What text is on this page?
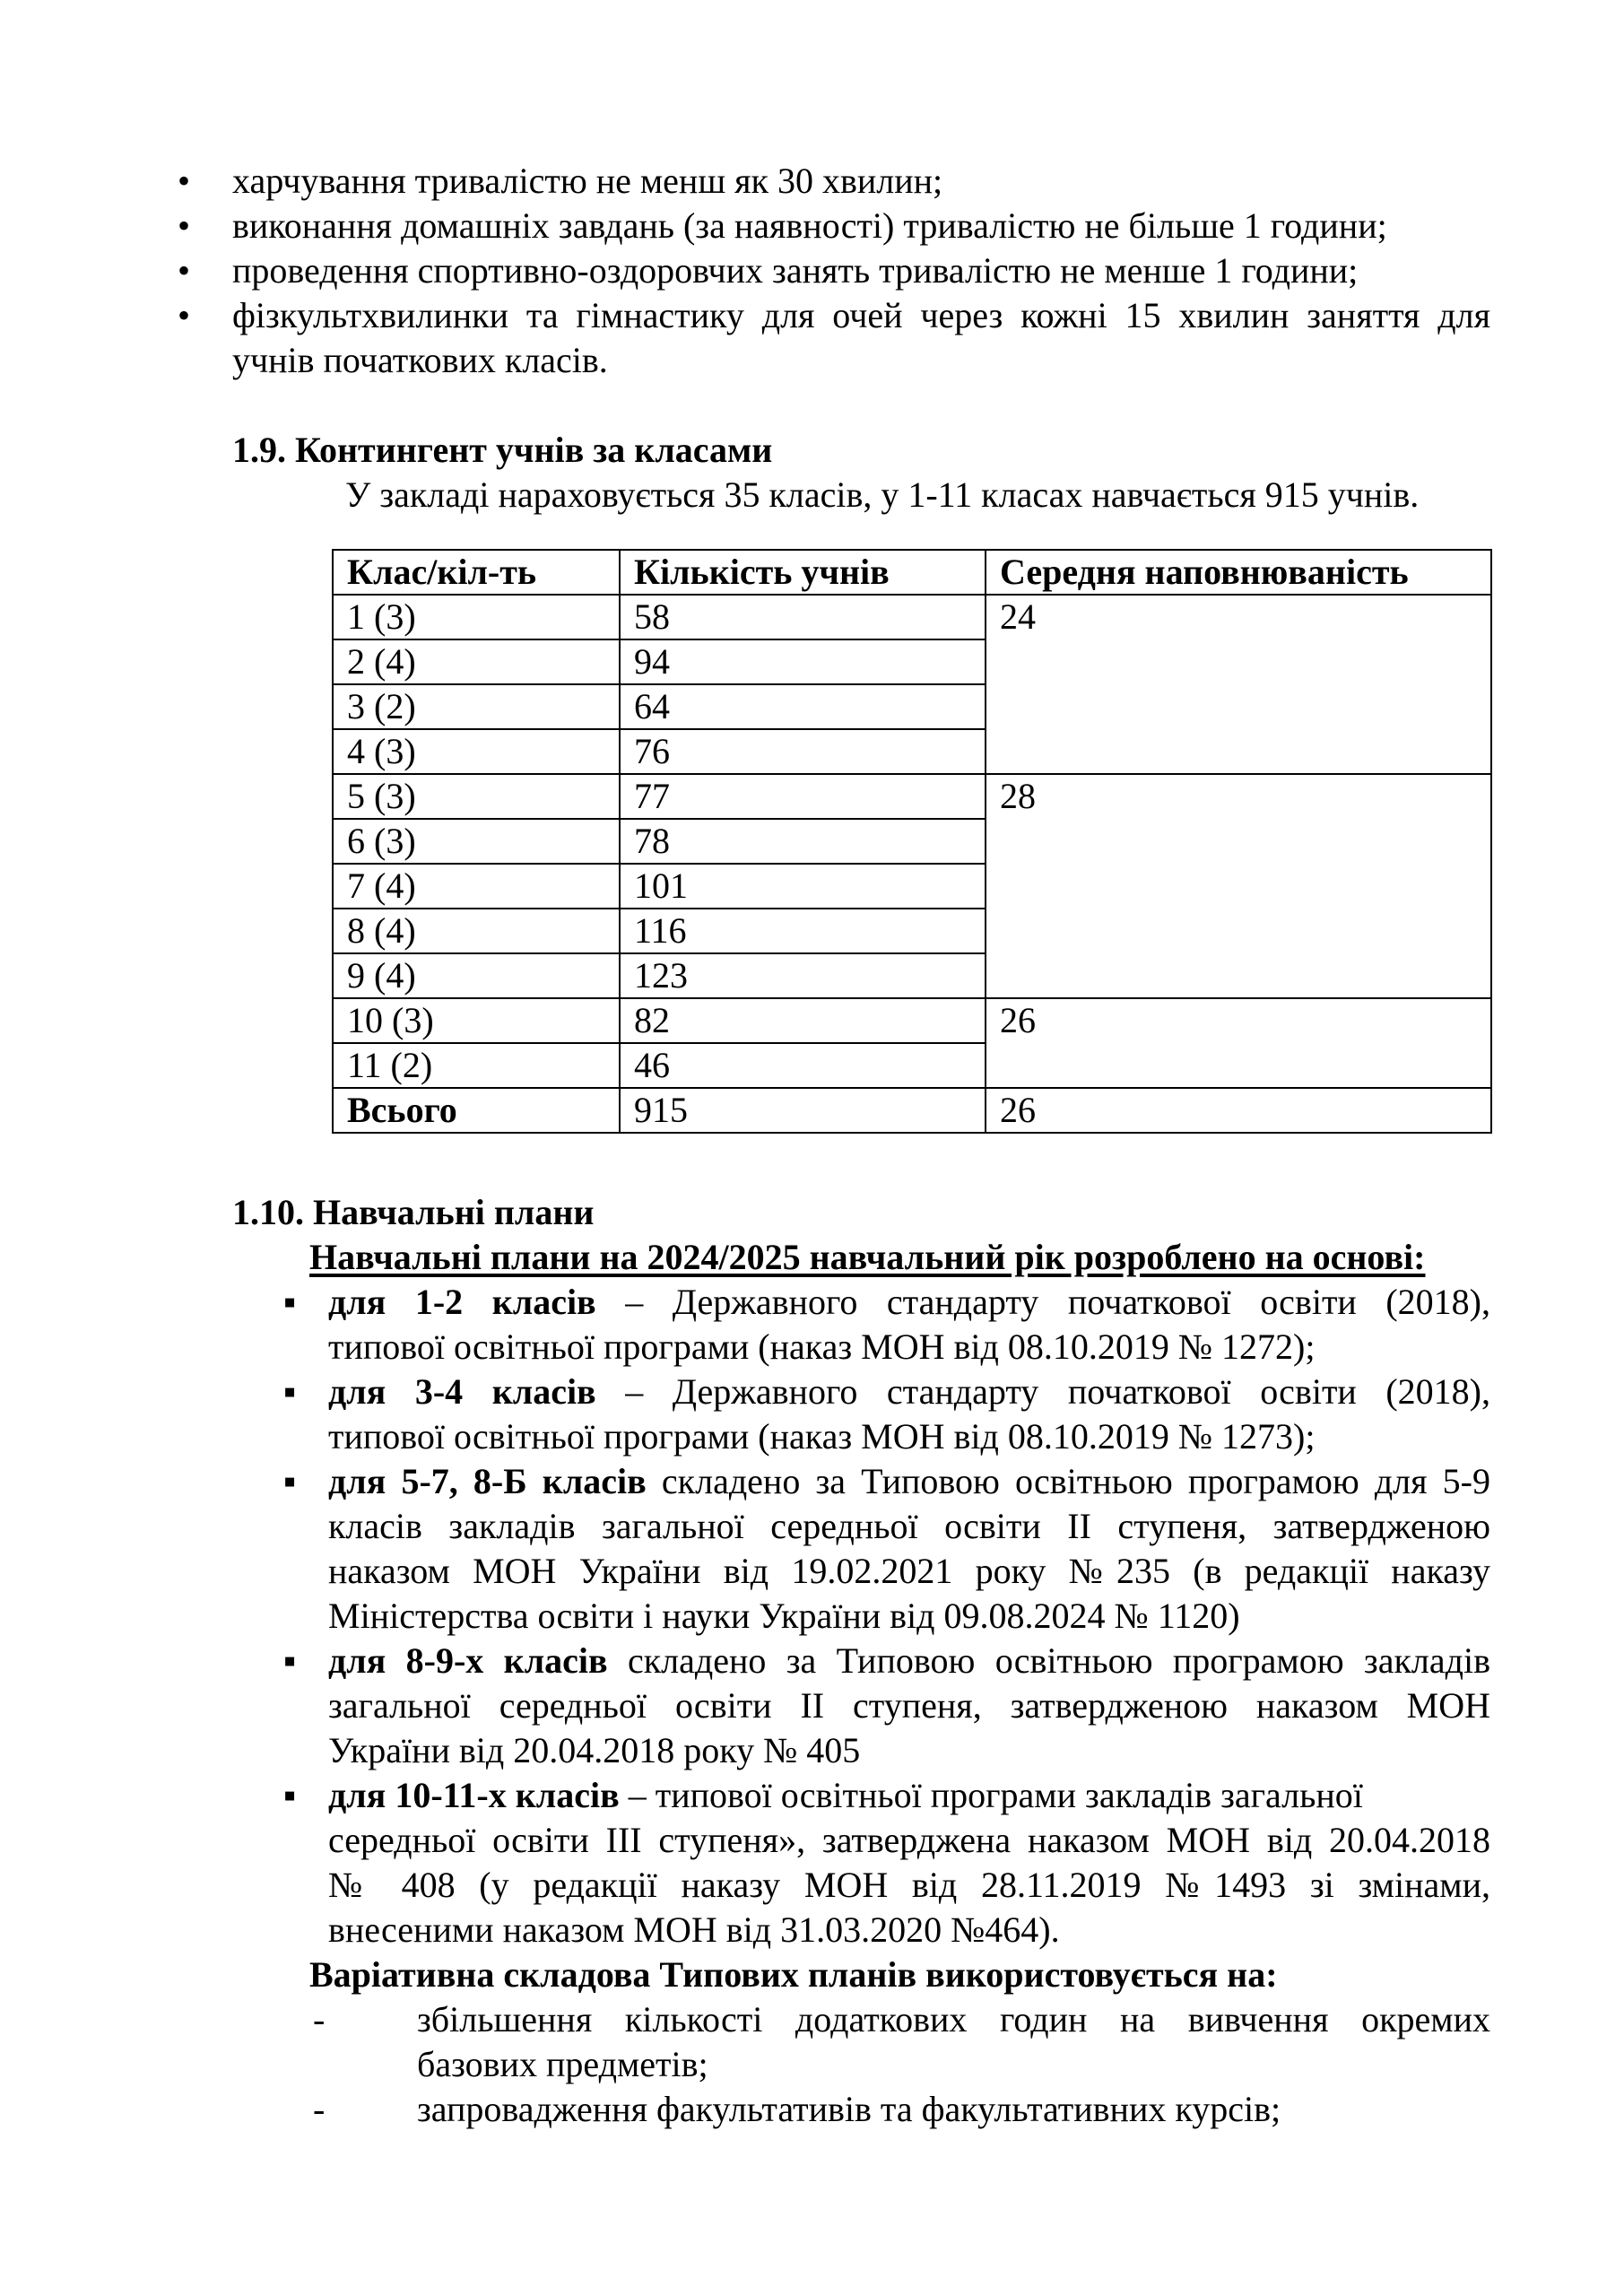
• харчування тривалістю не менш як 30 хвилин;
• виконання домашніх завдань (за наявності) тривалістю не більше 1 години;
• проведення спортивно-оздоровчих занять тривалістю не менше 1 години;
• фізкультхвилинки та гімнастику для очей через кожні 15 хвилин заняття для
учнів початкових класів.
1.9. Контингент учнів за класами
У закладі нараховується 35 класів, у 1-11 класах навчається 915 учнів.
Клас/кіл-ть	Кількість учнів	Середня наповнюваність
1 (3)	58	24
2 (4)	94	
3 (2)	64	
4 (3)	76	
5 (3)	77	28
6 (3)	78	
7 (4)	101	
8 (4)	116	
9 (4)	123	
10 (3)	82	26
11 (2)	46	
Всього	915	26
1.10. Навчальні плани
Навчальні плани на 2024/2025 навчальний рік розроблено на основі:
▪ для 1-2 класів – Державного стандарту початкової освіти (2018),
типової освітньої програми (наказ МОН від 08.10.2019 № 1272);
▪ для 3-4 класів – Державного стандарту початкової освіти (2018),
типової освітньої програми (наказ МОН від 08.10.2019 № 1273);
▪ для 5-7, 8-Б класів складено за Типовою освітньою програмою для 5-9
класів закладів загальної середньої освіти ІІ ступеня, затвердженою
наказом МОН України від 19.02.2021 року №235 (в редакції наказу
Міністерства освіти і науки України від 09.08.2024 № 1120)
▪ для 8-9-х класів складено за Типовою освітньою програмою закладів
загальної середньої освіти ІІ ступеня, затвердженою наказом МОН
України від 20.04.2018 року № 405
▪ для 10-11-х класів – типової освітньої програми закладів загальної
середньої освіти ІІІ ступеня», затверджена наказом МОН від 20.04.2018
№ 408 (у редакції наказу МОН від 28.11.2019 №1493 зі змінами,
внесеними наказом МОН від 31.03.2020 №464).
Варіативна складова Типових планів використовується на:
-	збільшення кількості додаткових годин на вивчення окремих
базових предметів;
-	запровадження факультативів та факультативних курсів;
